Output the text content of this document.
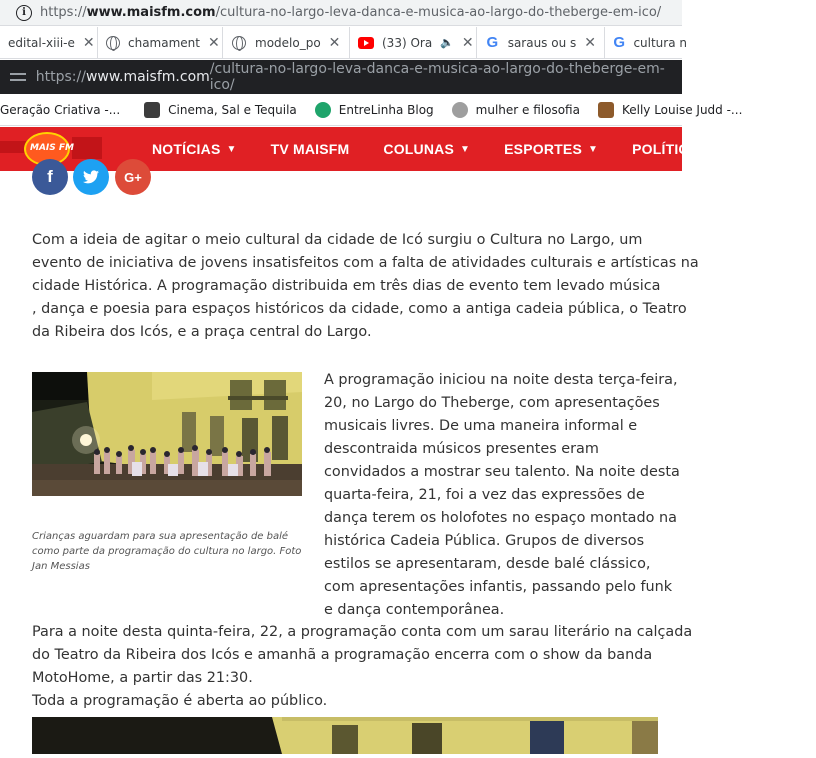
i	https:// www.maisfm.com /cultura-no-largo-leva-danca-e-musica-ao-largo-do-theberge-em-ico/
edital-xiii-e ✕	chamament ✕	modelo_po ✕	(33) Ora 🔈 ✕ G saraus ou s ✕ G cultura n
https:// www.maisfm.com /cultura-no-largo-leva-danca-e-musica-ao-largo-do-theberge-em-ico/
Geração Criativa -...	Cinema, Sal e Tequila	EntreLinha Blog	mulher e filosofia	Kelly Louise Judd -...
MAIS FM	NOTÍCIAS ▼ TV MAISFM COLUNAS ▼ ESPORTES ▼ POLÍTICA ▼ ENTRET
f	G+
Com a ideia de agitar o meio cultural da cidade de Icó surgiu o Cultura no Largo, um
evento de iniciativa de jovens insatisfeitos com a falta de atividades culturais e artísticas na
cidade Histórica. A programação distribuida em três dias de evento tem levado música
, dança e poesia para espaços históricos da cidade, como a antiga cadeia pública, o Teatro
da Ribeira dos Icós, e a praça central do Largo.
Crianças aguardam para sua apresentação de balé
como parte da programação do cultura no largo. Foto
Jan Messias
A programação iniciou na noite desta terça-feira,
20, no Largo do Theberge, com apresentações
musicais livres. De uma maneira informal e
descontraida músicos presentes eram
convidados a mostrar seu talento. Na noite desta
quarta-feira, 21, foi a vez das expressões de
dança terem os holofotes no espaço montado na
histórica Cadeia Pública. Grupos de diversos
estilos se apresentaram, desde balé clássico,
com apresentações infantis, passando pelo funk
e dança contemporânea.
Para a noite desta quinta-feira, 22, a programação conta com um sarau literário na calçada
do Teatro da Ribeira dos Icós e amanhã a programação encerra com o show da banda
MotoHome, a partir das 21:30.
Toda a programação é aberta ao público.
